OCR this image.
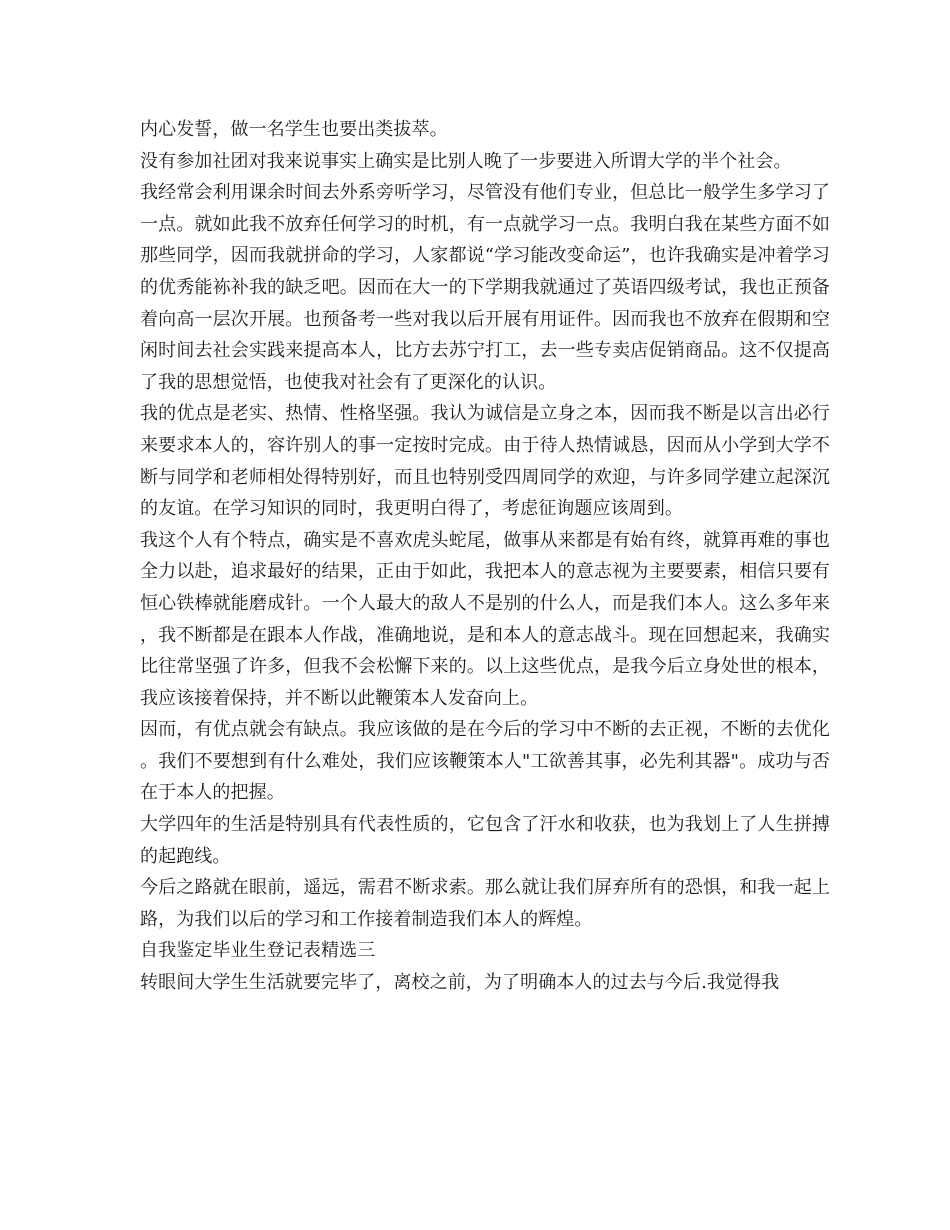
内心发誓，做一名学生也要出类拔萃。

没有参加社团对我来说事实上确实是比别人晚了一步要进入所谓大学的半个社会。

我经常会利用课余时间去外系旁听学习，尽管没有他们专业，但总比一般学生多学习了一点。就如此我不放弃任何学习的时机，有一点就学习一点。我明白我在某些方面不如那些同学，因而我就拼命的学习，人家都说“学习能改变命运”，也许我确实是冲着学习的优秀能袮补我的缺乏吧。因而在大一的下学期我就通过了英语四级考试，我也正预备着向高一层次开展。也预备考一些对我以后开展有用证件。因而我也不放弃在假期和空闲时间去社会实践来提高本人，比方去苏宁打工，去一些专卖店促销商品。这不仅提高了我的思想觉悟，也使我对社会有了更深化的认识。

我的优点是老实、热情、性格坚强。我认为诚信是立身之本，因而我不断是以言出必行来要求本人的，容许别人的事一定按时完成。由于待人热情诚恳，因而从小学到大学不断与同学和老师相处得特别好，而且也特别受四周同学的欢迎，与许多同学建立起深沉的友谊。在学习知识的同时，我更明白得了，考虑征询题应该周到。

我这个人有个特点，确实是不喜欢虎头蛇尾，做事从来都是有始有终，就算再难的事也全力以赴，追求最好的结果，正由于如此，我把本人的意志视为主要要素，相信只要有恒心铁棒就能磨成针。一个人最大的敌人不是别的什么人，而是我们本人。这么多年来，我不断都是在跟本人作战，准确地说，是和本人的意志战斗。现在回想起来，我确实比往常坚强了许多，但我不会松懈下来的。以上这些优点，是我今后立身处世的根本，我应该接着保持，并不断以此鞭策本人发奋向上。

因而，有优点就会有缺点。我应该做的是在今后的学习中不断的去正视，不断的去优化。我们不要想到有什么难处，我们应该鞭策本人"工欲善其事，必先利其器"。成功与否在于本人的把握。

大学四年的生活是特别具有代表性质的，它包含了汗水和收获，也为我划上了人生拼搏的起跑线。

今后之路就在眼前，遥远，需君不断求索。那么就让我们屏弃所有的恐惧，和我一起上路，为我们以后的学习和工作接着制造我们本人的辉煌。

自我鉴定毕业生登记表精选三

转眼间大学生生活就要完毕了，离校之前，为了明确本人的过去与今后.我觉得我
